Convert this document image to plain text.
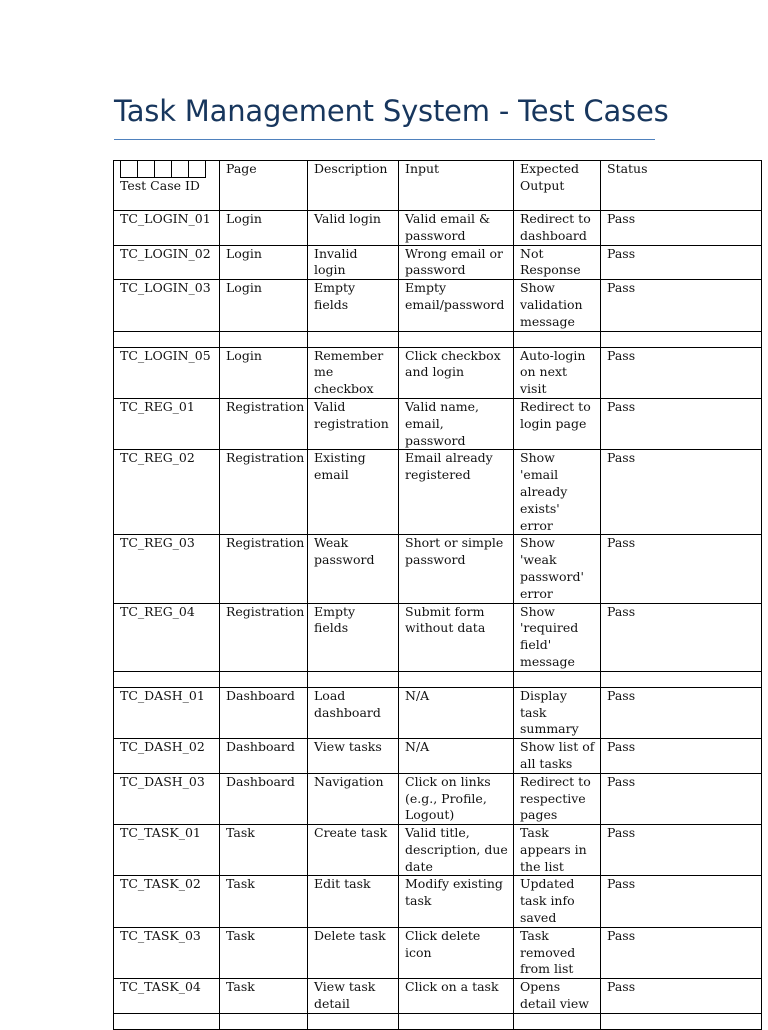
Task Management System - Test Cases
Test Case ID	Page	Description	Input	Expected Output	Status
TC_LOGIN_01	Login	Valid login	Valid email & password	Redirect to dashboard	Pass
TC_LOGIN_02	Login	Invalid login	Wrong email or password	Not Response	Pass
TC_LOGIN_03	Login	Empty fields	Empty email/password	Show validation message	Pass

TC_LOGIN_05	Login	Remember me checkbox	Click checkbox and login	Auto-login on next visit	Pass
TC_REG_01	Registration	Valid registration	Valid name, email, password	Redirect to login page	Pass
TC_REG_02	Registration	Existing email	Email already registered	Show 'email already exists' error	Pass
TC_REG_03	Registration	Weak password	Short or simple password	Show 'weak password' error	Pass
TC_REG_04	Registration	Empty fields	Submit form without data	Show 'required field' message	Pass

TC_DASH_01	Dashboard	Load dashboard	N/A	Display task summary	Pass
TC_DASH_02	Dashboard	View tasks	N/A	Show list of all tasks	Pass
TC_DASH_03	Dashboard	Navigation	Click on links (e.g., Profile, Logout)	Redirect to respective pages	Pass
TC_TASK_01	Task	Create task	Valid title, description, due date	Task appears in the list	Pass
TC_TASK_02	Task	Edit task	Modify existing task	Updated task info saved	Pass
TC_TASK_03	Task	Delete task	Click delete icon	Task removed from list	Pass
TC_TASK_04	Task	View task detail	Click on a task	Opens detail view	Pass
